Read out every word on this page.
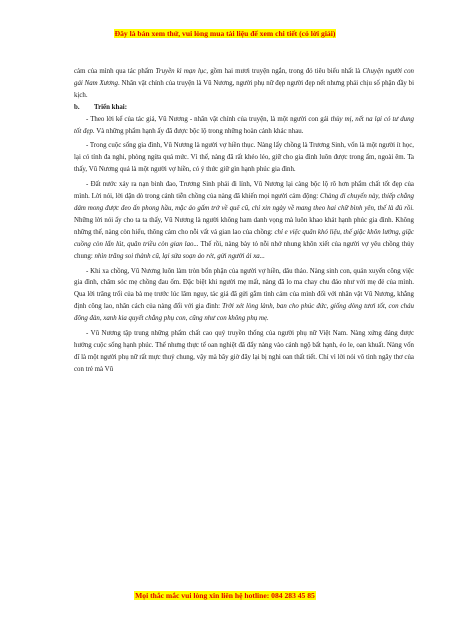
Đây là bản xem thử, vui lòng mua tài liệu để xem chi tiết (có lời giải)

cảm của mình qua tác phẩm Truyền kì mạn lục, gồm hai mươi truyện ngắn, trong đó tiêu biểu nhất là Chuyện người con gái Nam Xương. Nhân vật chính của truyện là Vũ Nương, người phụ nữ đẹp người đẹp nết nhưng phải chịu số phận đầy bi kịch.

b. Triển khai:

- Theo lời kể của tác giả, Vũ Nương - nhân vật chính của truyện, là một người con gái thùy mị, nết na lại có tư dung tốt đẹp. Và những phẩm hạnh ấy đã được bộc lộ trong những hoàn cảnh khác nhau.

- Trong cuộc sống gia đình, Vũ Nương là người vợ hiền thục. Nàng lấy chồng là Trương Sinh, vốn là một người ít học, lại có tính đa nghi, phòng ngừa quá mức. Vì thế, nàng đã rất khéo léo, giữ cho gia đình luôn được trong ấm, ngoài êm. Ta thấy, Vũ Nương quả là một người vợ hiền, có ý thức giữ gìn hạnh phúc gia đình.

- Đất nước xảy ra nạn binh đao, Trương Sinh phải đi lính, Vũ Nương lại càng bộc lộ rõ hơn phẩm chất tốt đẹp của mình. Lời nói, lời dặn dò trong cảnh tiễn chồng của nàng đã khiến mọi người cảm động: Chàng đi chuyến này, thiếp chẳng dám mong được đeo ấn phong hầu, mặc áo gấm trở về quê cũ, chỉ xin ngày về mang theo hai chữ bình yên, thế là đủ rồi. Những lời nói ấy cho ta ta thấy, Vũ Nương là người không ham danh vọng mà luôn khao khát hạnh phúc gia đình. Không những thế, nàng còn hiểu, thông cảm cho nỗi vất vả gian lao của chồng: chỉ e việc quân khó liệu, thế giặc khôn lường, giặc cuồng còn lẩn lút, quân triều còn gian lao... Thế rồi, nàng bày tỏ nỗi nhớ nhung khôn xiết của người vợ yêu chồng thủy chung: nhìn trăng soi thành cũ, lại sửa soạn áo rét, gửi người ải xa...

- Khi xa chồng, Vũ Nương luôn làm tròn bổn phận của người vợ hiền, dâu thảo. Nàng sinh con, quán xuyến công việc gia đình, chăm sóc mẹ chồng đau ốm. Đặc biệt khi người mẹ mất, nàng đã lo ma chay chu đáo như với mẹ đẻ của mình. Qua lời trăng trối của bà mẹ trước lúc lâm nguy, tác giả đã gửi gắm tình cảm của mình đối với nhân vật Vũ Nương, khẳng định công lao, nhân cách của nàng đối với gia đình: Trời xét lòng lành, ban cho phúc đức, giống dòng tươi tốt, con cháu đông đàn, xanh kia quyết chẳng phụ con, cũng như con không phụ mẹ.

- Vũ Nương tập trung những phẩm chất cao quý truyền thống của người phụ nữ Việt Nam. Nàng xứng đáng được hưởng cuộc sống hạnh phúc. Thế nhưng thực tế oan nghiệt đã đẩy nàng vào cảnh ngộ bất hạnh, éo le, oan khuất. Nàng vốn dĩ là một người phụ nữ rất mực thuỷ chung, vậy mà bây giờ đây lại bị nghi oan thất tiết. Chỉ vì lời nói vô tình ngây thơ của con trẻ mà Vũ

Mọi thắc mắc vui lòng xin liên hệ hotline: 084 283 45 85
